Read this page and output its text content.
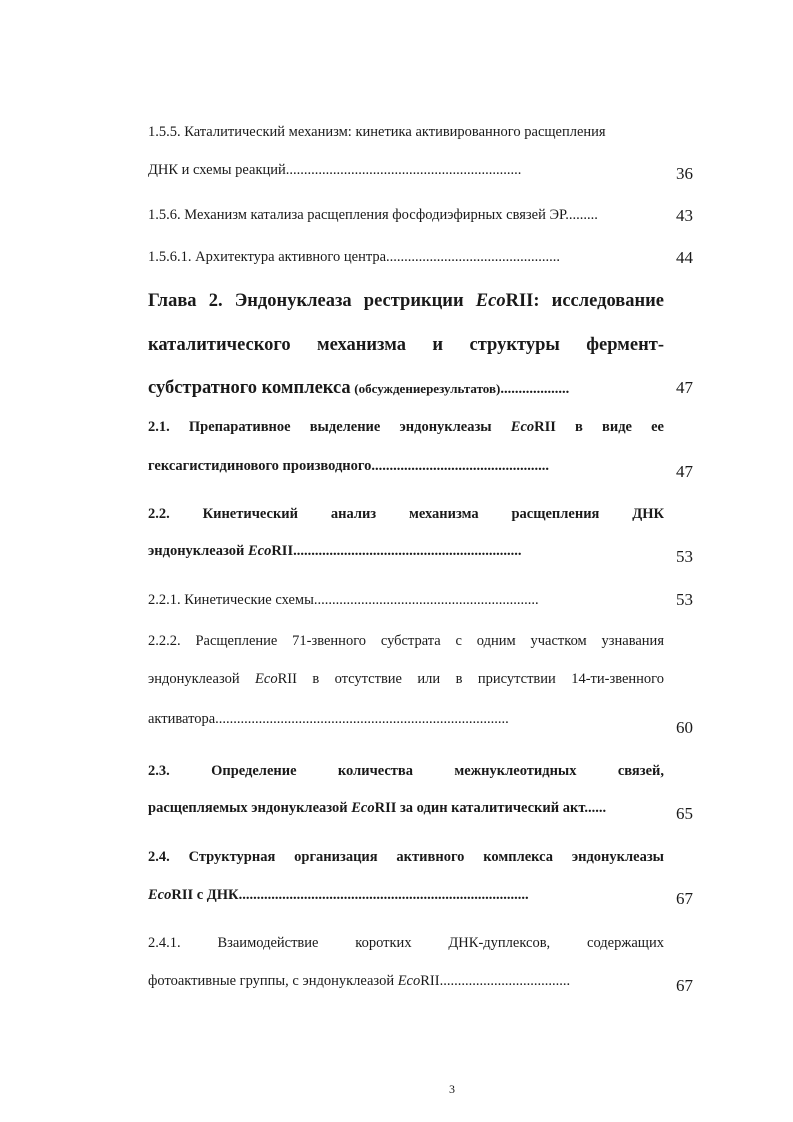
1.5.5. Каталитический механизм: кинетика активированного расщепления
ДНК и схемы реакций.................................................................	36
1.5.6. Механизм катализа расщепления фосфодиэфирных связей ЭР.........	43
1.5.6.1. Архитектура активного центра................................................	44
Глава 2. Эндонуклеаза рестрикции EcoRII: исследование
каталитического механизма и структуры фермент-
субстратного комплекса (обсуждениерезультатов)...................	47
2.1. Препаративное выделение эндонуклеазы EcoRII в виде ее
гексагистидинового производного.................................................	47
2.2. Кинетический анализ механизма расщепления ДНК
эндонуклеазой EcoRII...............................................................	53
2.2.1. Кинетические схемы..............................................................	53
2.2.2. Расщепление 71-звенного субстрата с одним участком узнавания
эндонуклеазой EcoRII в отсутствие или в присутствии 14-ти-звенного
активатора.................................................................................	60
2.3. Определение количества межнуклеотидных связей,
расщепляемых эндонуклеазой EcoRII за один каталитический акт......	65
2.4. Структурная организация активного комплекса эндонуклеазы
EcoRII с ДНК................................................................................	67
2.4.1. Взаимодействие коротких ДНК-дуплексов, содержащих
фотоактивные группы, с эндонуклеазой EcoRII....................................	67
3
